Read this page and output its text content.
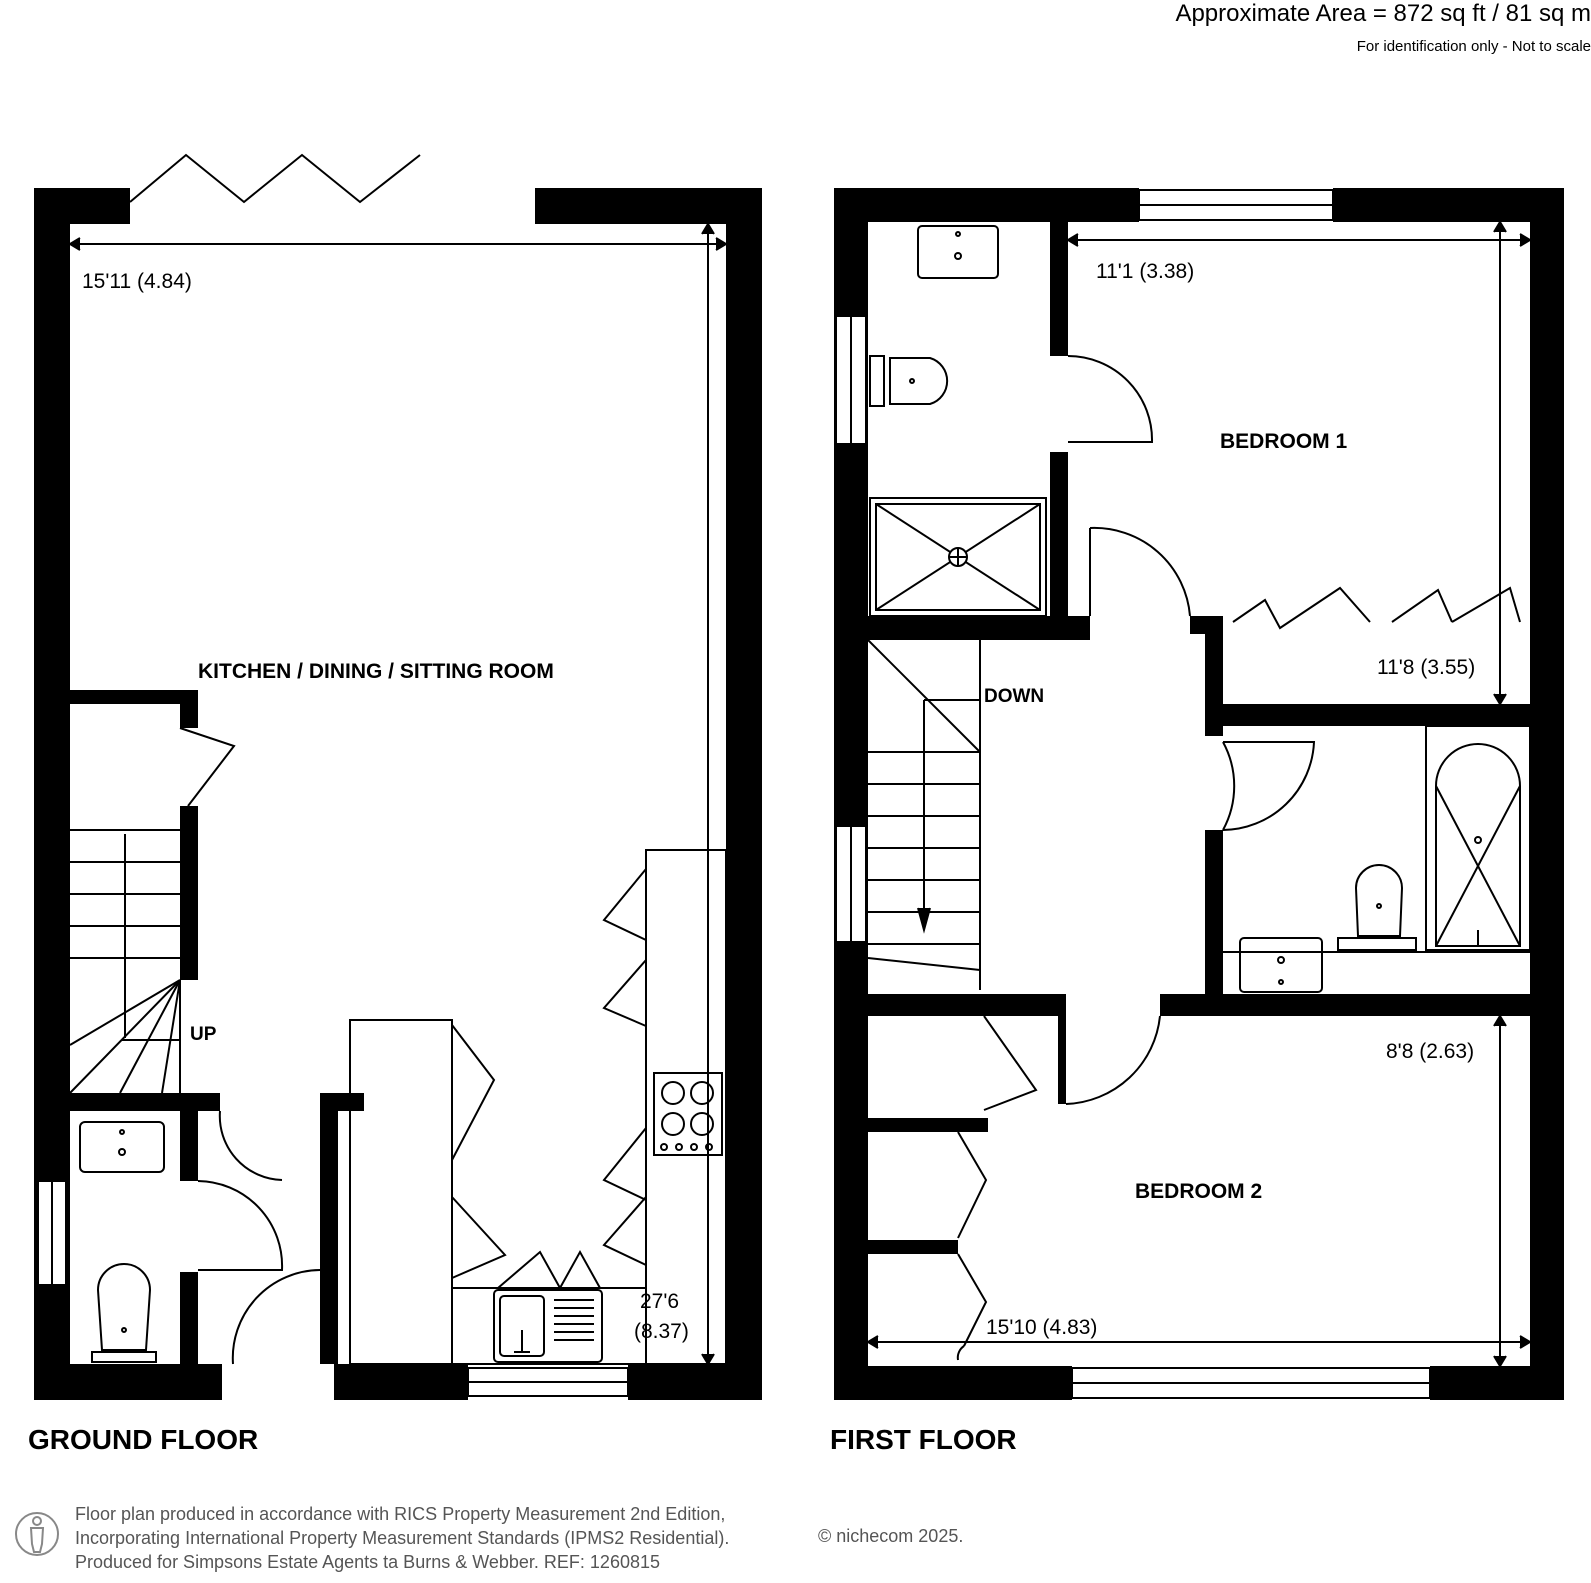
Approximate Area = 872 sq ft / 81 sq m
For identification only - Not to scale
KITCHEN / DINING / SITTING ROOM
UP
15'11 (4.84)
27'6
(8.37)
GROUND FLOOR
BEDROOM 1
BEDROOM 2
DOWN
11'1 (3.38)
11'8 (3.55)
8'8 (2.63)
15'10 (4.83)
FIRST FLOOR
Floor plan produced in accordance with RICS Property Measurement 2nd Edition,
Incorporating International Property Measurement Standards (IPMS2 Residential).
Produced for Simpsons Estate Agents ta Burns & Webber. REF: 1260815
© nichecom 2025.
